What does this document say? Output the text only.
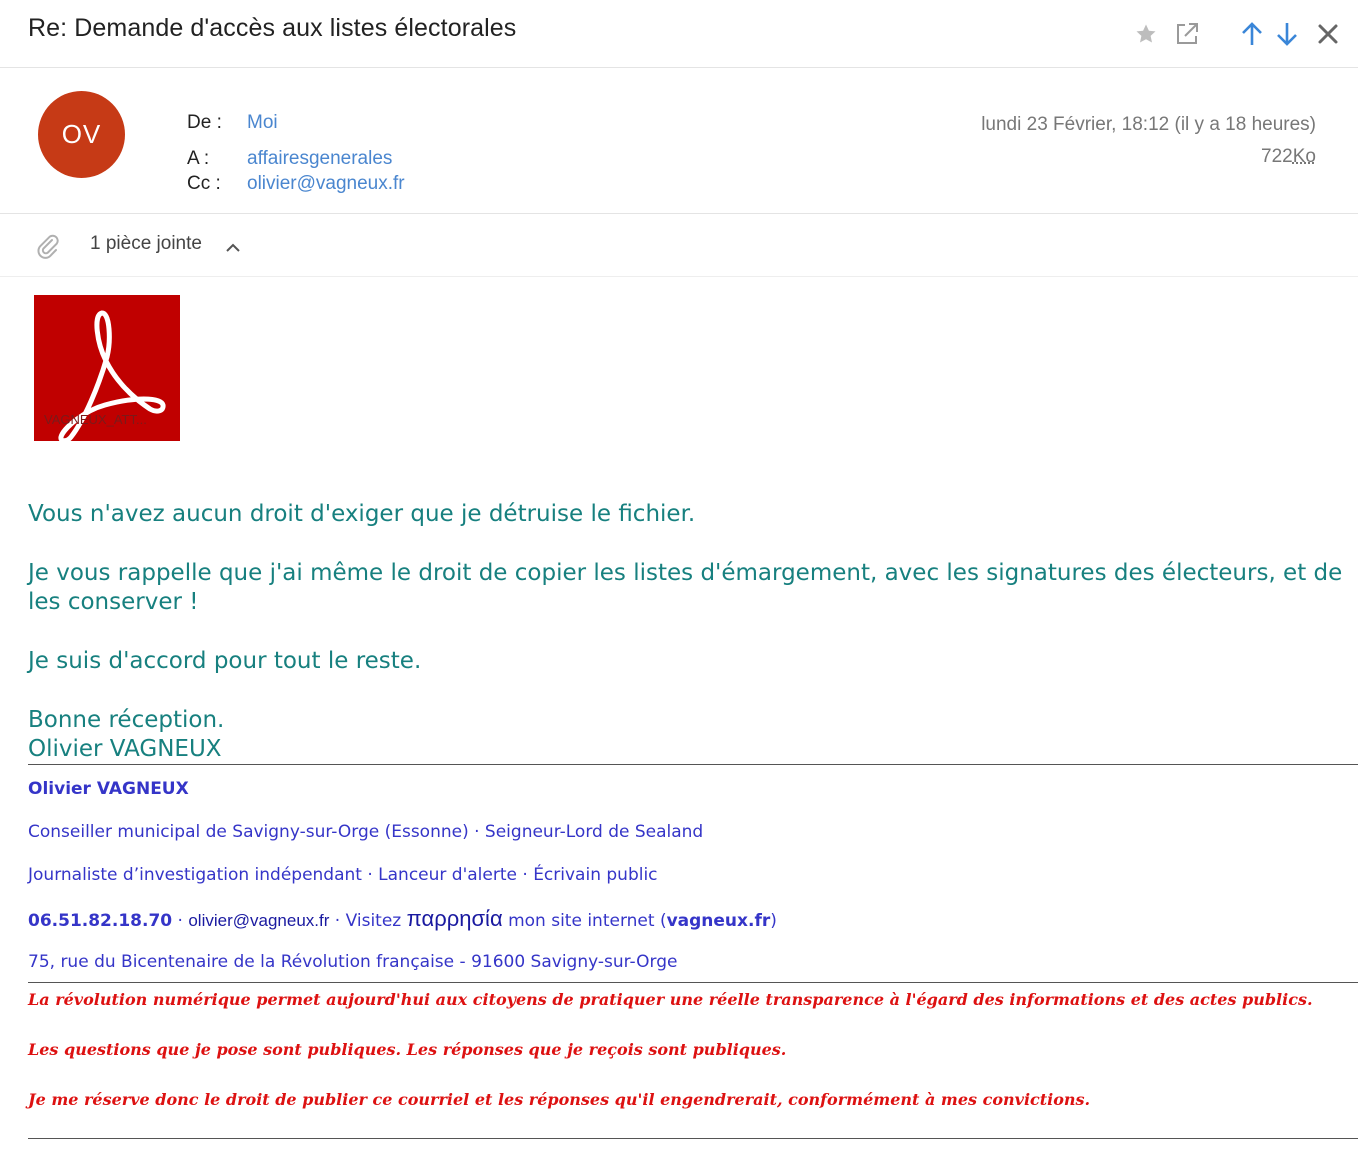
Re: Demande d'accès aux listes électorales
OV	De : Moi
A : affairesgenerales
Cc : olivier@vagneux.fr
lundi 23 Février, 18:12 (il y a 18 heures)
722Ko
1 pièce jointe
VAGNEUX_ATT...

Vous n'avez aucun droit d'exiger que je détruise le fichier.

Je vous rappelle que j'ai même le droit de copier les listes d'émargement, avec les signatures des électeurs, et de les conserver !

Je suis d'accord pour tout le reste.

Bonne réception.

Olivier VAGNEUX

Olivier VAGNEUX
Conseiller municipal de Savigny-sur-Orge (Essonne) · Seigneur-Lord de Sealand
Journaliste d’investigation indépendant · Lanceur d'alerte · Écrivain public
06.51.82.18.70 · olivier@vagneux.fr · Visitez παρρησία mon site internet (vagneux.fr)
75, rue du Bicentenaire de la Révolution française - 91600 Savigny-sur-Orge
La révolution numérique permet aujourd'hui aux citoyens de pratiquer une réelle transparence à l'égard des informations et des actes publics.
Les questions que je pose sont publiques. Les réponses que je reçois sont publiques.
Je me réserve donc le droit de publier ce courriel et les réponses qu'il engendrerait, conformément à mes convictions.
